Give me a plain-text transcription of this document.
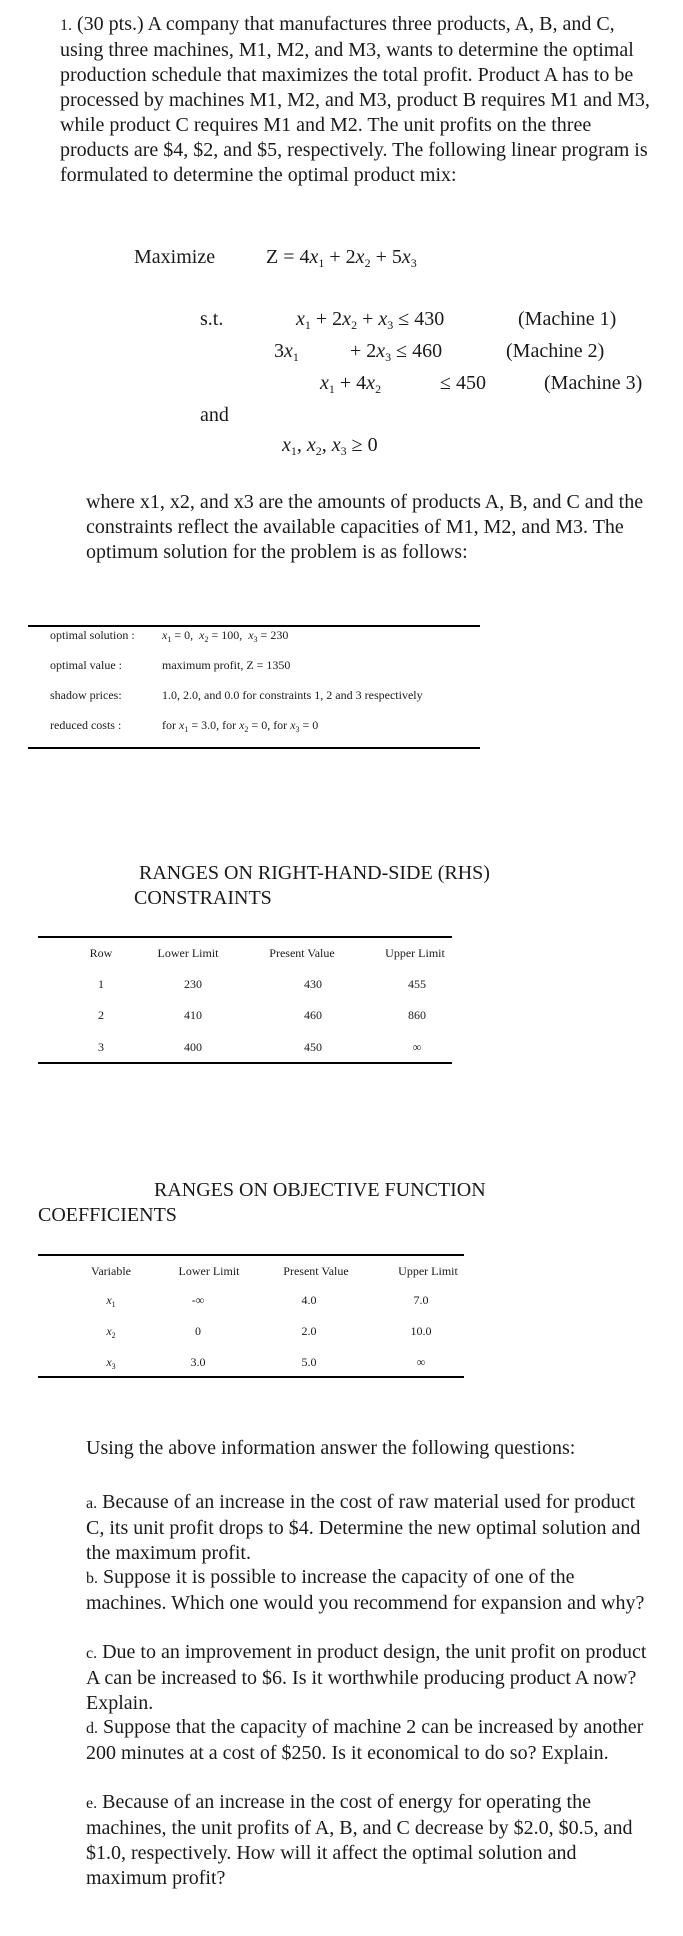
1. (30 pts.) A company that manufactures three products, A, B, and C, using three machines, M1, M2, and M3, wants to determine the optimal production schedule that maximizes the total profit. Product A has to be processed by machines M1, M2, and M3, product B requires M1 and M3, while product C requires M1 and M2. The unit profits on the three products are $4, $2, and $5, respectively. The following linear program is formulated to determine the optimal product mix:
Maximize	$Z = 4x_1 + 2x_2 + 5x_3$
s.t.	$x_1 + 2x_2 + x_3 \le 430$	(Machine 1)
$3x_1$	+ $2x_3 \le 460$	(Machine 2)
$x_1 + 4x_2$	≤ 450	(Machine 3)
and
$x_1$, $x_2$, $x_3 \ge 0$
where x1, x2, and x3 are the amounts of products A, B, and C and the constraints reflect the available capacities of M1, M2, and M3. The optimum solution for the problem is as follows:
optimal solution : $x_1 = 0$,  $x_2 = 100$,  $x_3 = 230$
optimal value :	maximum profit, Z = 1350
shadow prices:	1.0, 2.0, and 0.0 for constraints 1, 2 and 3 respectively
reduced costs :	for $x_1 = 3.0$, for $x_2 = 0$, for $x_3 = 0$
RANGES ON RIGHT-HAND-SIDE (RHS)
CONSTRAINTS
Row	Lower Limit	Present Value	Upper Limit
1	230	430	455
2	410	460	860
3	400	450	∞
RANGES ON OBJECTIVE FUNCTION
COEFFICIENTS
Variable	Lower Limit	Present Value	Upper Limit
$x_1$	-∞	4.0	7.0
$x_2$	0	2.0	10.0
$x_3$	3.0	5.0	∞
Using the above information answer the following questions:
a. Because of an increase in the cost of raw material used for product C, its unit profit drops to $4. Determine the new optimal solution and the maximum profit.
b. Suppose it is possible to increase the capacity of one of the machines. Which one would you recommend for expansion and why?
c. Due to an improvement in product design, the unit profit on product A can be increased to $6. Is it worthwhile producing product A now? Explain.
d. Suppose that the capacity of machine 2 can be increased by another 200 minutes at a cost of $250. Is it economical to do so? Explain.
e. Because of an increase in the cost of energy for operating the machines, the unit profits of A, B, and C decrease by $2.0, $0.5, and $1.0, respectively. How will it affect the optimal solution and maximum profit?
